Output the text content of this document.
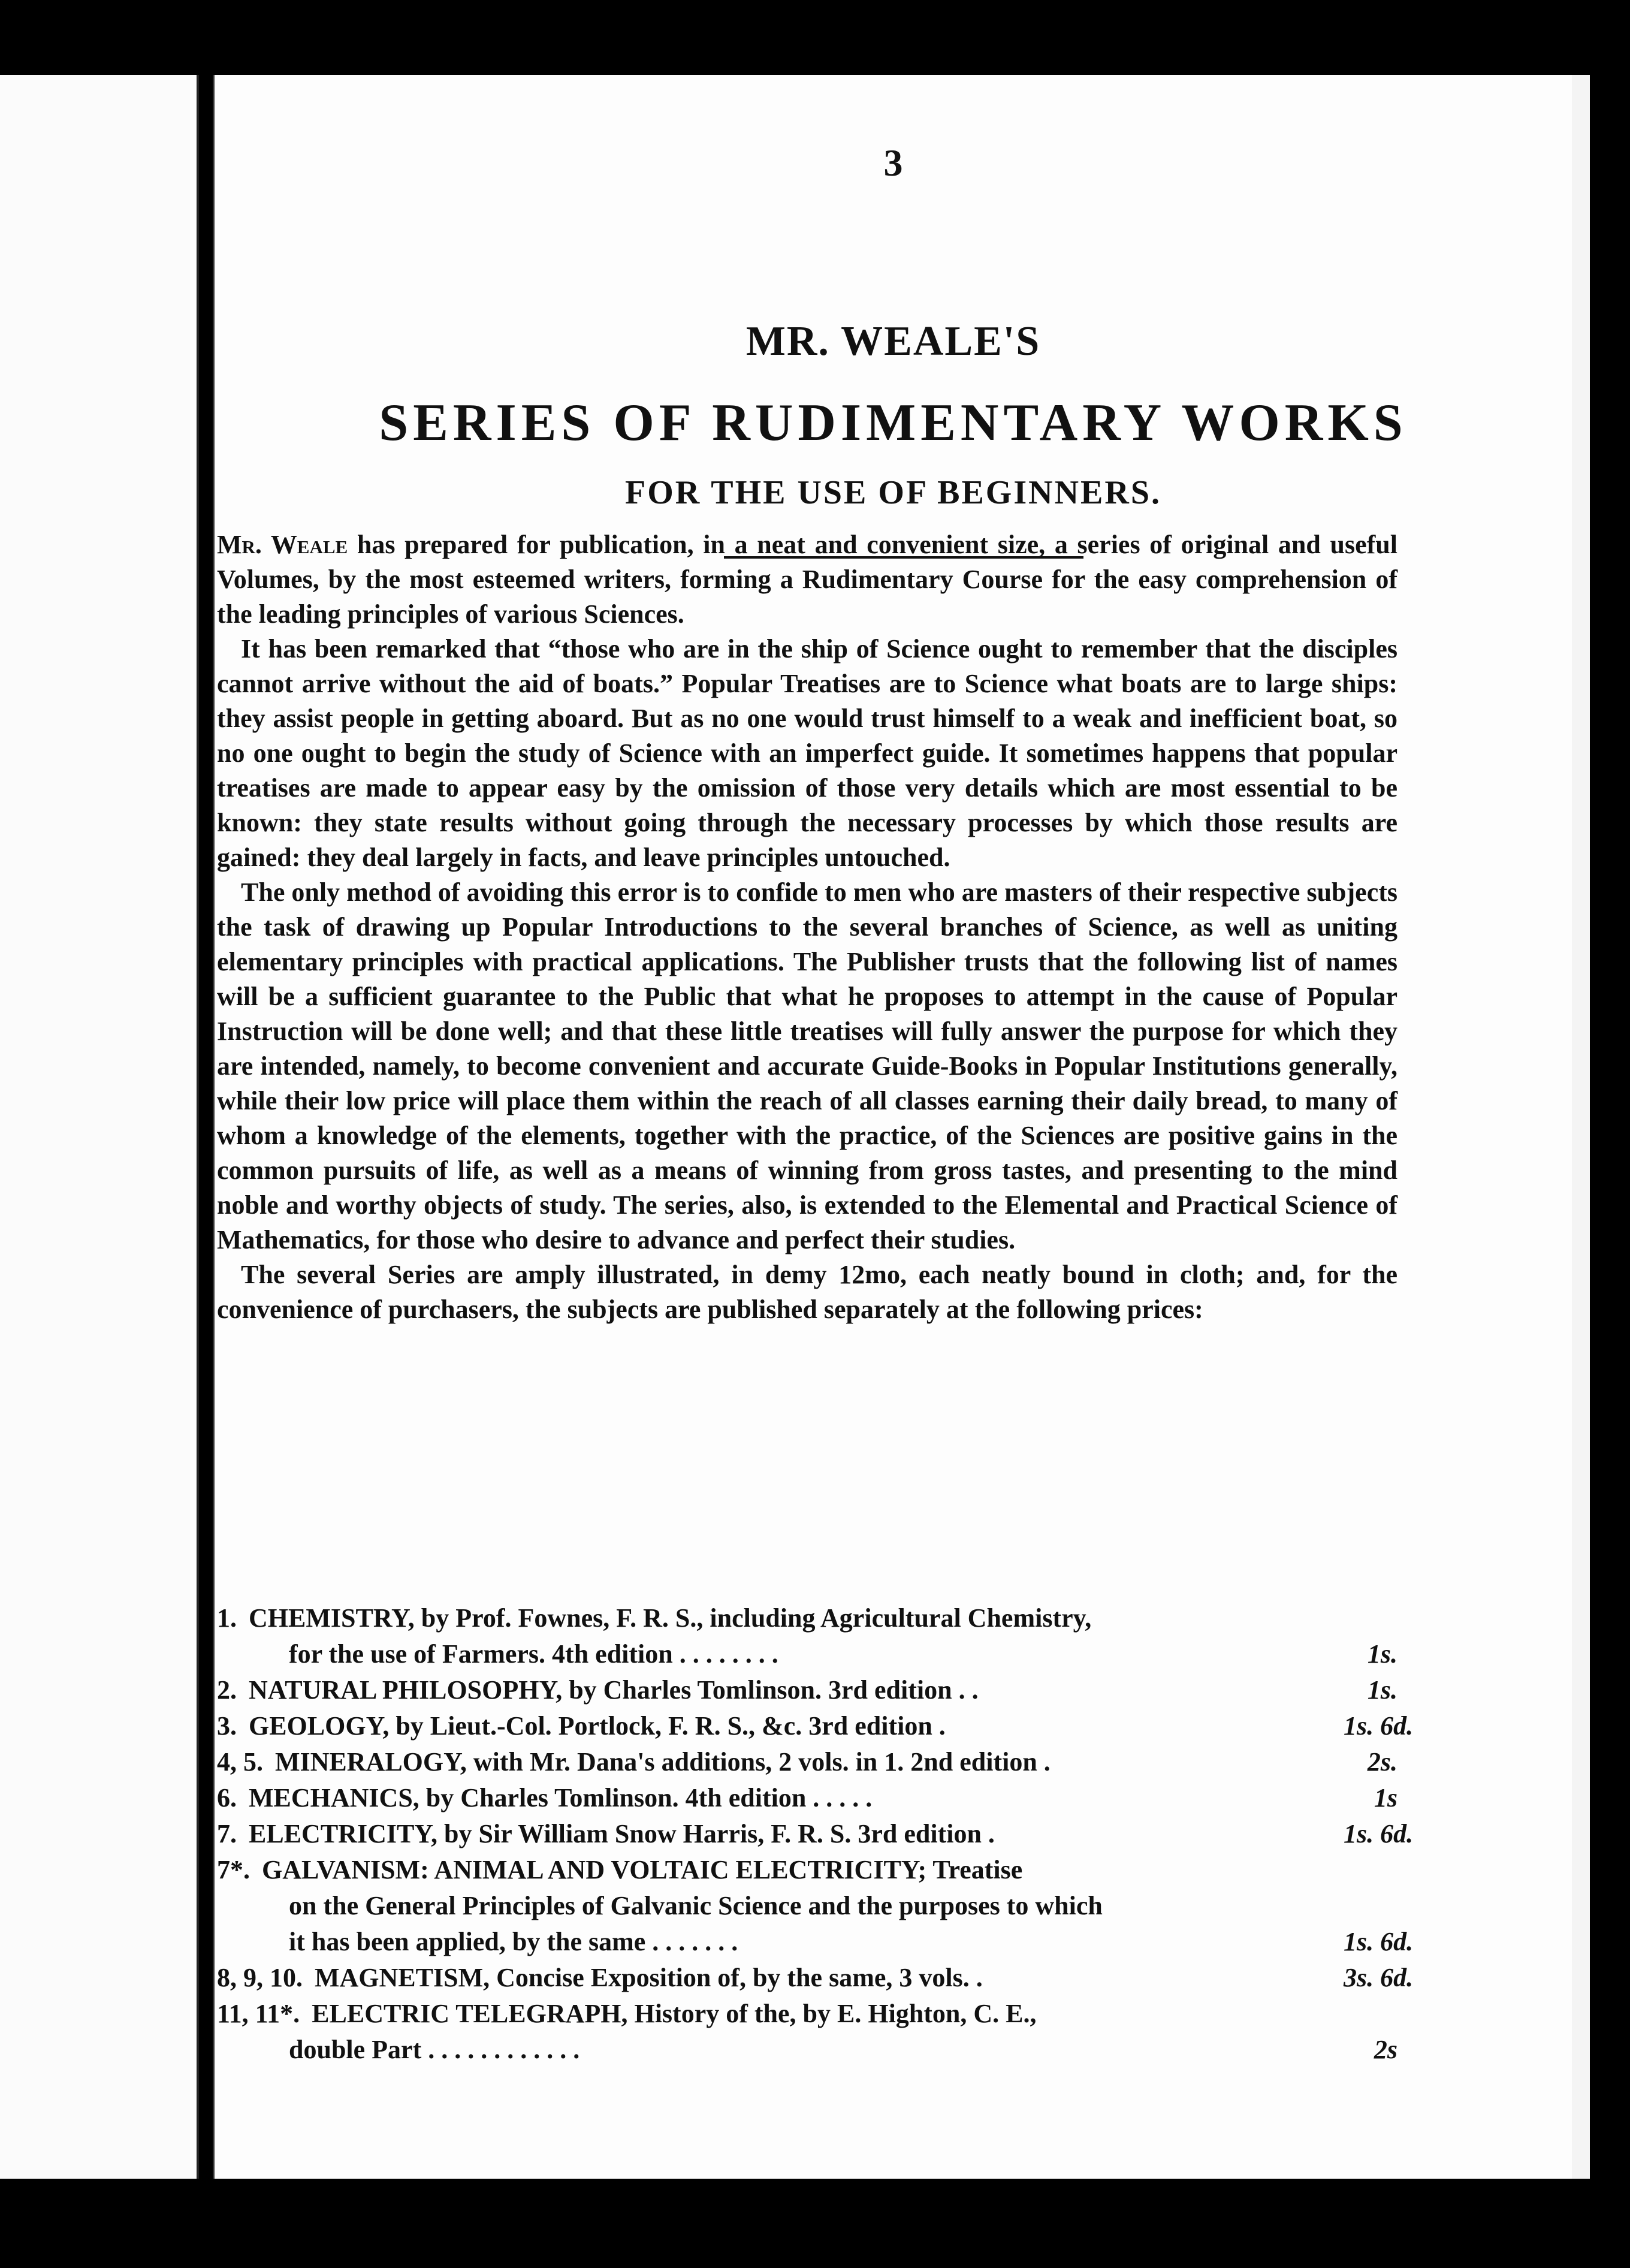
3
MR. WEALE'S
SERIES OF RUDIMENTARY WORKS
FOR THE USE OF BEGINNERS.

Mr. Weale has prepared for publication, in a neat and convenient size, a series of original and useful Volumes, by the most esteemed writers, forming a Rudimentary Course for the easy comprehension of the leading principles of various Sciences.

It has been remarked that “those who are in the ship of Science ought to remember that the disciples cannot arrive without the aid of boats.” Popular Treatises are to Science what boats are to large ships: they assist people in getting aboard. But as no one would trust himself to a weak and inefficient boat, so no one ought to begin the study of Science with an imperfect guide. It sometimes happens that popular treatises are made to appear easy by the omission of those very details which are most essential to be known: they state results without going through the necessary processes by which those results are gained: they deal largely in facts, and leave principles untouched.

The only method of avoiding this error is to confide to men who are masters of their respective subjects the task of drawing up Popular Introductions to the several branches of Science, as well as uniting elementary principles with practical applications. The Publisher trusts that the following list of names will be a sufficient guarantee to the Public that what he proposes to attempt in the cause of Popular Instruction will be done well; and that these little treatises will fully answer the purpose for which they are intended, namely, to become convenient and accurate Guide-Books in Popular Institutions generally, while their low price will place them within the reach of all classes earning their daily bread, to many of whom a knowledge of the elements, together with the practice, of the Sciences are positive gains in the common pursuits of life, as well as a means of winning from gross tastes, and presenting to the mind noble and worthy objects of study. The series, also, is extended to the Elemental and Practical Science of Mathematics, for those who desire to advance and perfect their studies.

The several Series are amply illustrated, in demy 12mo, each neatly bound in cloth; and, for the convenience of purchasers, the subjects are published separately at the following prices:

1. CHEMISTRY, by Prof. Fownes, F. R. S., including Agricultural Chemistry,
for the use of Farmers. 4th edition . . . . . . . .	1s.
2. NATURAL PHILOSOPHY, by Charles Tomlinson. 3rd edition . .	1s.
3. GEOLOGY, by Lieut.-Col. Portlock, F. R. S., &c. 3rd edition .	1s. 6d.
4, 5. MINERALOGY, with Mr. Dana's additions, 2 vols. in 1. 2nd edition .	2s.
6. MECHANICS, by Charles Tomlinson. 4th edition . . . . .	1s
7. ELECTRICITY, by Sir William Snow Harris, F. R. S. 3rd edition .	1s. 6d.
7*. GALVANISM: ANIMAL AND VOLTAIC ELECTRICITY; Treatise
on the General Principles of Galvanic Science and the purposes to which
it has been applied, by the same . . . . . . .	1s. 6d.
8, 9, 10. MAGNETISM, Concise Exposition of, by the same, 3 vols. .	3s. 6d.
11, 11*. ELECTRIC TELEGRAPH, History of the, by E. Highton, C. E.,
double Part . . . . . . . . . . . .	2s
